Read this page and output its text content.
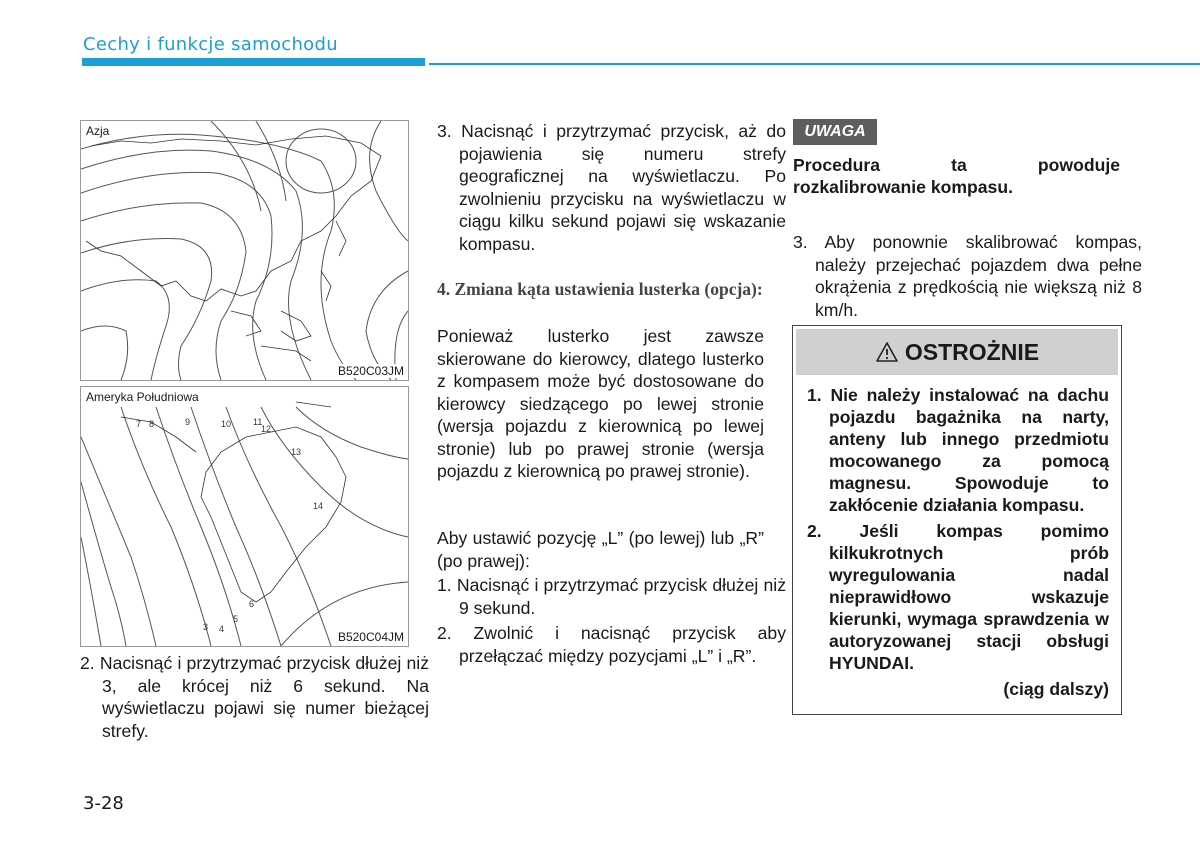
Cechy i funkcje samochodu
Azja
B520C03JM
Ameryka Południowa
8	9	10 11
12
13
14
7
3 4
5
6
B520C04JM
2. Nacisnąć i przytrzymać przycisk dłużej niż 3, ale krócej niż 6 sekund. Na wyświetlaczu pojawi się numer bieżącej strefy.
3. Nacisnąć i przytrzymać przycisk, aż do pojawienia się numeru strefy geograficznej na wyświetlaczu. Po zwolnieniu przycisku na wyświetlaczu w ciągu kilku sekund pojawi się wskazanie kompasu.
4. Zmiana kąta ustawienia lusterka (opcja):
Ponieważ lusterko jest zawsze skierowane do kierowcy, dlatego lusterko z kompasem może być dostosowane do kierowcy siedzącego po lewej stronie (wersja pojazdu z kierownicą po lewej stronie) lub po prawej stronie (wersja pojazdu z kierownicą po prawej stronie).
Aby ustawić pozycję „L” (po lewej) lub „R” (po prawej):
1. Nacisnąć i przytrzymać przycisk dłużej niż 9 sekund.
2. Zwolnić i nacisnąć przycisk aby przełączać między pozycjami „L” i „R”.
UWAGA
Procedura ta powoduje rozkalibrowanie kompasu.
3. Aby ponownie skalibrować kompas, należy przejechać pojazdem dwa pełne okrążenia z prędkością nie większą niż 8 km/h.
OSTROŻNIE
1. Nie należy instalować na dachu pojazdu bagażnika na narty, anteny lub innego przedmiotu mocowanego za pomocą magnesu. Spowoduje to zakłócenie działania kompasu.
2. Jeśli kompas pomimo kilkukrotnych prób wyregulowania nadal nieprawidłowo wskazuje kierunki, wymaga sprawdzenia w autoryzowanej stacji obsługi HYUNDAI.
(ciąg dalszy)
3-28
